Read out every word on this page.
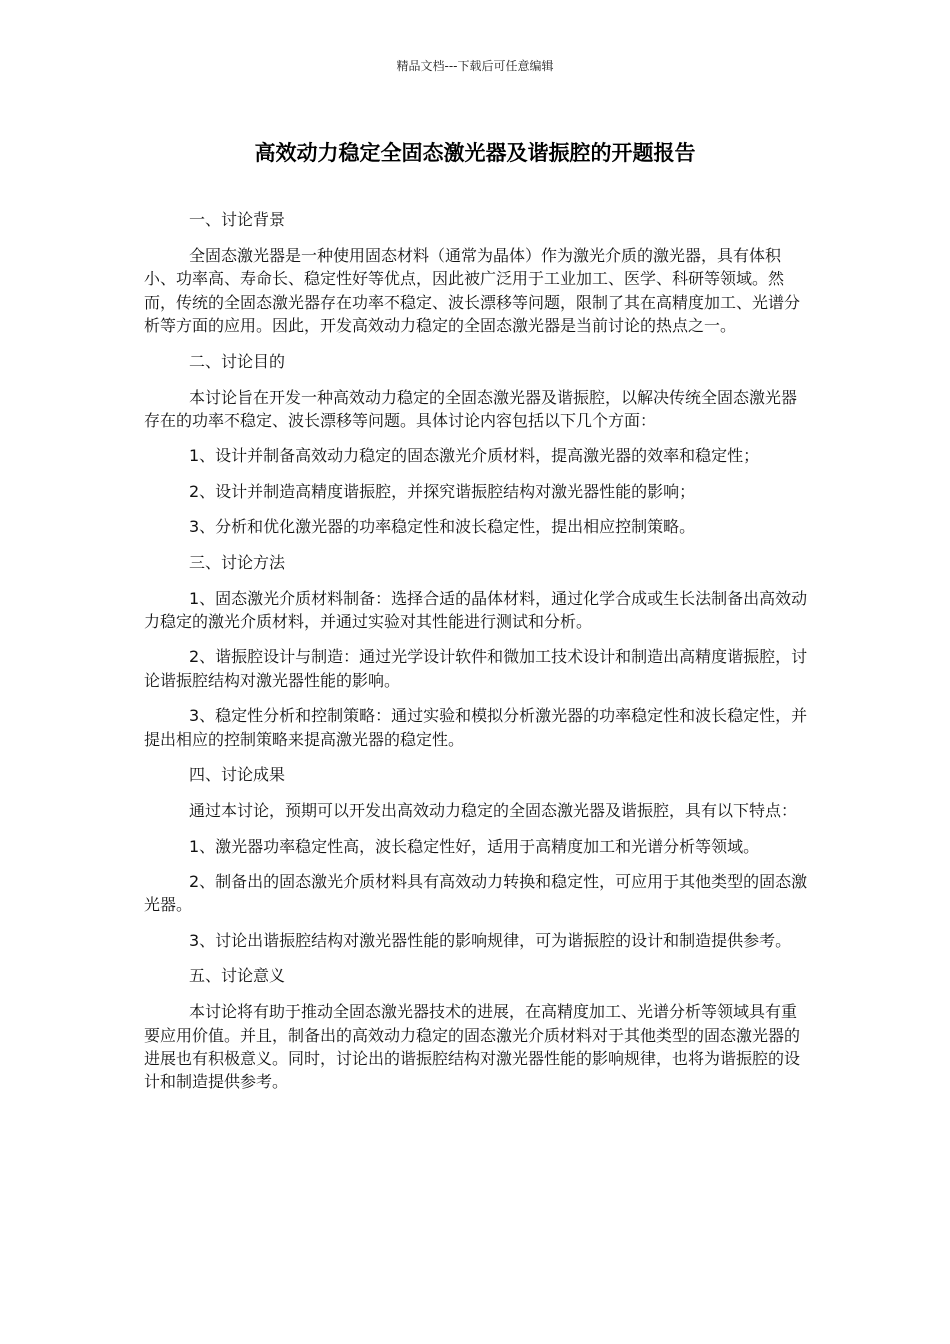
精品文档---下载后可任意编辑
高效动力稳定全固态激光器及谐振腔的开题报告
一、讨论背景
全固态激光器是一种使用固态材料（通常为晶体）作为激光介质的激光器，具有体积小、功率高、寿命长、稳定性好等优点，因此被广泛用于工业加工、医学、科研等领域。然而，传统的全固态激光器存在功率不稳定、波长漂移等问题，限制了其在高精度加工、光谱分析等方面的应用。因此，开发高效动力稳定的全固态激光器是当前讨论的热点之一。
二、讨论目的
本讨论旨在开发一种高效动力稳定的全固态激光器及谐振腔，以解决传统全固态激光器存在的功率不稳定、波长漂移等问题。具体讨论内容包括以下几个方面：
1、设计并制备高效动力稳定的固态激光介质材料，提高激光器的效率和稳定性；
2、设计并制造高精度谐振腔，并探究谐振腔结构对激光器性能的影响；
3、分析和优化激光器的功率稳定性和波长稳定性，提出相应控制策略。
三、讨论方法
1、固态激光介质材料制备：选择合适的晶体材料，通过化学合成或生长法制备出高效动力稳定的激光介质材料，并通过实验对其性能进行测试和分析。
2、谐振腔设计与制造：通过光学设计软件和微加工技术设计和制造出高精度谐振腔，讨论谐振腔结构对激光器性能的影响。
3、稳定性分析和控制策略：通过实验和模拟分析激光器的功率稳定性和波长稳定性，并提出相应的控制策略来提高激光器的稳定性。
四、讨论成果
通过本讨论，预期可以开发出高效动力稳定的全固态激光器及谐振腔，具有以下特点：
1、激光器功率稳定性高，波长稳定性好，适用于高精度加工和光谱分析等领域。
2、制备出的固态激光介质材料具有高效动力转换和稳定性，可应用于其他类型的固态激光器。
3、讨论出谐振腔结构对激光器性能的影响规律，可为谐振腔的设计和制造提供参考。
五、讨论意义
本讨论将有助于推动全固态激光器技术的进展，在高精度加工、光谱分析等领域具有重要应用价值。并且，制备出的高效动力稳定的固态激光介质材料对于其他类型的固态激光器的进展也有积极意义。同时，讨论出的谐振腔结构对激光器性能的影响规律，也将为谐振腔的设计和制造提供参考。
